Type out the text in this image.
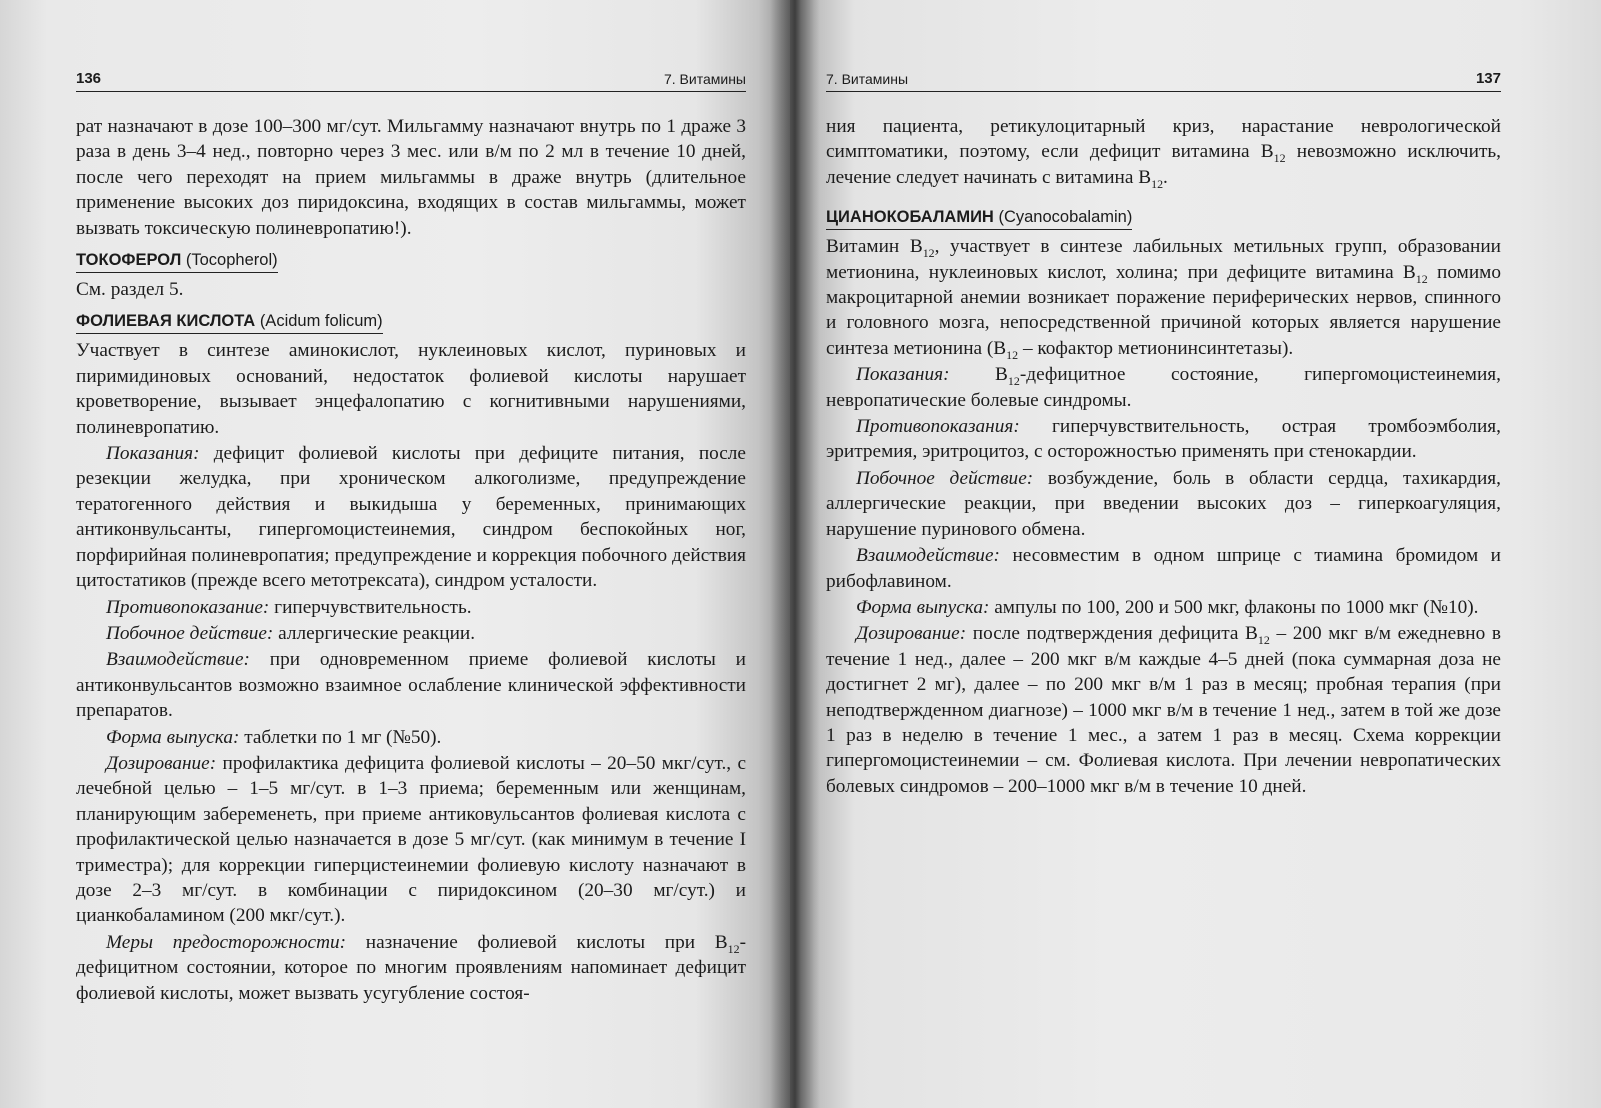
136	7. Витамины

рат назначают в дозе 100–300 мг/сут. Мильгамму назначают внутрь по 1 драже 3 раза в день 3–4 нед., повторно через 3 мес. или в/м по 2 мл в течение 10 дней, после чего переходят на прием мильгаммы в драже внутрь (длительное применение высоких доз пиридоксина, входящих в состав мильгаммы, может вызвать токсическую полиневропатию!).

ТОКОФЕРОЛ (Tocopherol)

См. раздел 5.

ФОЛИЕВАЯ КИСЛОТА (Acidum folicum)

Участвует в синтезе аминокислот, нуклеиновых кислот, пуриновых и пиримидиновых оснований, недостаток фолиевой кислоты нарушает кроветворение, вызывает энцефалопатию с когнитивными нарушениями, полиневропатию.

Показания: дефицит фолиевой кислоты при дефиците питания, после резекции желудка, при хроническом алкоголизме, предупреждение тератогенного действия и выкидыша у беременных, принимающих антиконвульсанты, гипергомоцистеинемия, синдром беспокойных ног, порфирийная полиневропатия; предупреждение и коррекция побочного действия цитостатиков (прежде всего метотрексата), синдром усталости.

Противопоказание: гиперчувствительность.

Побочное действие: аллергические реакции.

Взаимодействие: при одновременном приеме фолиевой кислоты и антиконвульсантов возможно взаимное ослабление клинической эффективности препаратов.

Форма выпуска: таблетки по 1 мг (№50).

Дозирование: профилактика дефицита фолиевой кислоты – 20–50 мкг/сут., с лечебной целью – 1–5 мг/сут. в 1–3 приема; беременным или женщинам, планирующим забеременеть, при приеме антиковульсантов фолиевая кислота с профилактической целью назначается в дозе 5 мг/сут. (как минимум в течение I триместра); для коррекции гиперцистеинемии фолиевую кислоту назначают в дозе 2–3 мг/сут. в комбинации с пиридоксином (20–30 мг/сут.) и цианкобаламином (200 мкг/сут.).

Меры предосторожности: назначение фолиевой кислоты при $B_{12}$-дефицитном состоянии, которое по многим проявлениям напоминает дефицит фолиевой кислоты, может вызвать усугубление состоя-

7. Витамины	137

ния пациента, ретикулоцитарный криз, нарастание неврологической симптоматики, поэтому, если дефицит витамина $B_{12}$ невозможно исключить, лечение следует начинать с витамина $B_{12}$.

ЦИАНОКОБАЛАМИН (Cyanocobalamin)

Витамин $B_{12}$, участвует в синтезе лабильных метильных групп, образовании метионина, нуклеиновых кислот, холина; при дефиците витамина $B_{12}$ помимо макроцитарной анемии возникает поражение периферических нервов, спинного и головного мозга, непосредственной причиной которых является нарушение синтеза метионина ($B_{12}$ – кофактор метионинсинтетазы).

Показания: $B_{12}$-дефицитное состояние, гипергомоцистеинемия, невропатические болевые синдромы.

Противопоказания: гиперчувствительность, острая тромбоэмболия, эритремия, эритроцитоз, с осторожностью применять при стенокардии.

Побочное действие: возбуждение, боль в области сердца, тахикардия, аллергические реакции, при введении высоких доз – гиперкоагуляция, нарушение пуринового обмена.

Взаимодействие: несовместим в одном шприце с тиамина бромидом и рибофлавином.

Форма выпуска: ампулы по 100, 200 и 500 мкг, флаконы по 1000 мкг (№10).

Дозирование: после подтверждения дефицита $B_{12} - 200$ мкг в/м ежедневно в течение 1 нед., далее – 200 мкг в/м каждые 4–5 дней (пока суммарная доза не достигнет 2 мг), далее – по 200 мкг в/м 1 раз в месяц; пробная терапия (при неподтвержденном диагнозе) – 1000 мкг в/м в течение 1 нед., затем в той же дозе 1 раз в неделю в течение 1 мес., а затем 1 раз в месяц. Схема коррекции гипергомоцистеинемии – см. Фолиевая кислота. При лечении невропатических болевых синдромов – 200–1000 мкг в/м в течение 10 дней.
